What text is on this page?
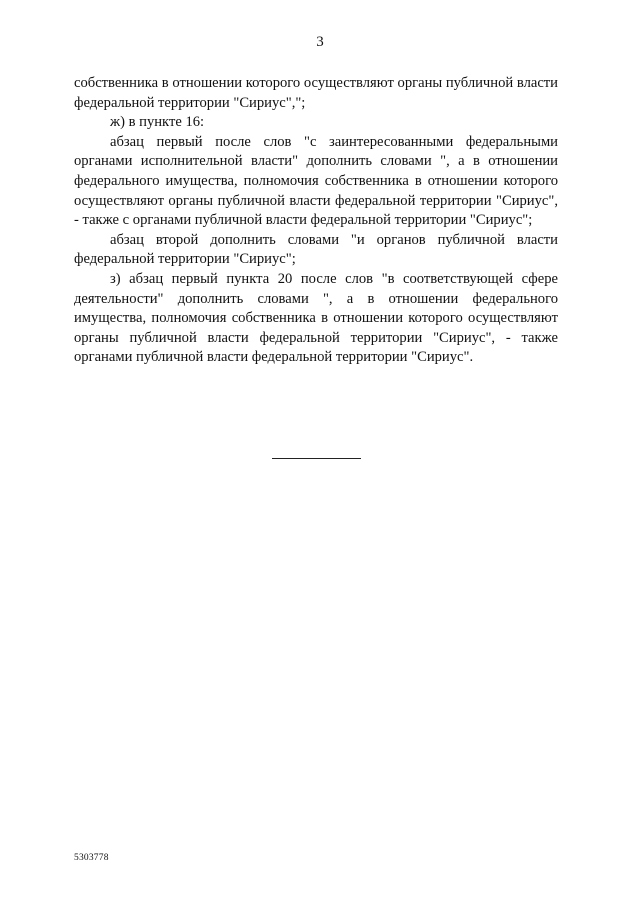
3

собственника в отношении которого осуществляют органы публичной власти федеральной территории "Сириус",";

ж) в пункте 16:

абзац первый после слов "с заинтересованными федеральными органами исполнительной власти" дополнить словами ", а в отношении федерального имущества, полномочия собственника в отношении которого осуществляют органы публичной власти федеральной территории "Сириус", - также с органами публичной власти федеральной территории "Сириус";

абзац второй дополнить словами "и органов публичной власти федеральной территории "Сириус";

з) абзац первый пункта 20 после слов "в соответствующей сфере деятельности" дополнить словами ", а в отношении федерального имущества, полномочия собственника в отношении которого осуществляют органы публичной власти федеральной территории "Сириус", - также органами публичной власти федеральной территории "Сириус".

5303778
